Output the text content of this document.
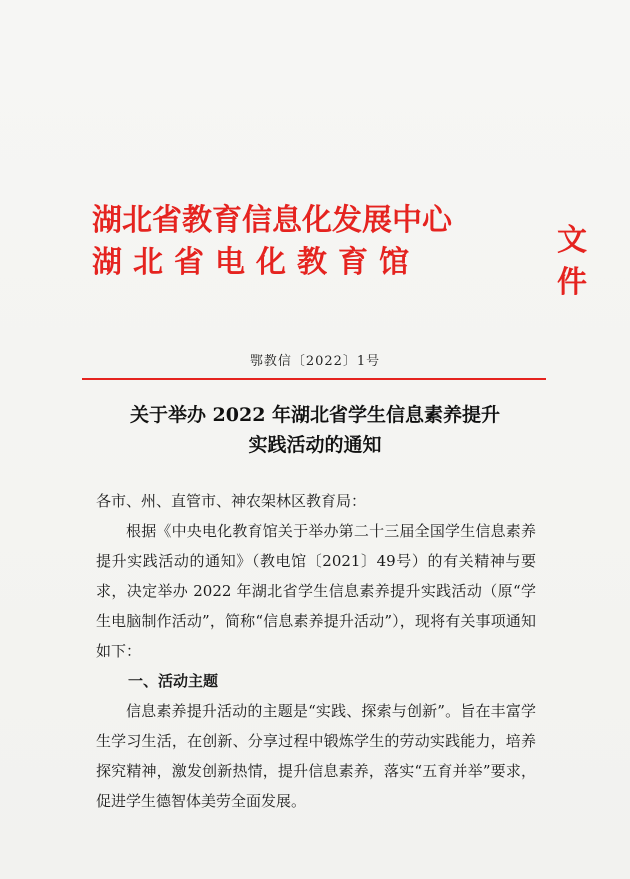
湖北省教育信息化发展中心
湖北省电化教育馆
文件
鄂教信〔2022〕1号
关于举办 2022 年湖北省学生信息素养提升
实践活动的通知

各市、州、直管市、神农架林区教育局：

根据《中央电化教育馆关于举办第二十三届全国学生信息素养提升实践活动的通知》（教电馆〔2021〕49号）的有关精神与要求，决定举办 2022 年湖北省学生信息素养提升实践活动（原“学生电脑制作活动”，简称“信息素养提升活动”），现将有关事项通知如下：

一、活动主题

信息素养提升活动的主题是“实践、探索与创新”。旨在丰富学生学习生活，在创新、分享过程中锻炼学生的劳动实践能力，培养探究精神，激发创新热情，提升信息素养，落实“五育并举”要求，促进学生德智体美劳全面发展。
